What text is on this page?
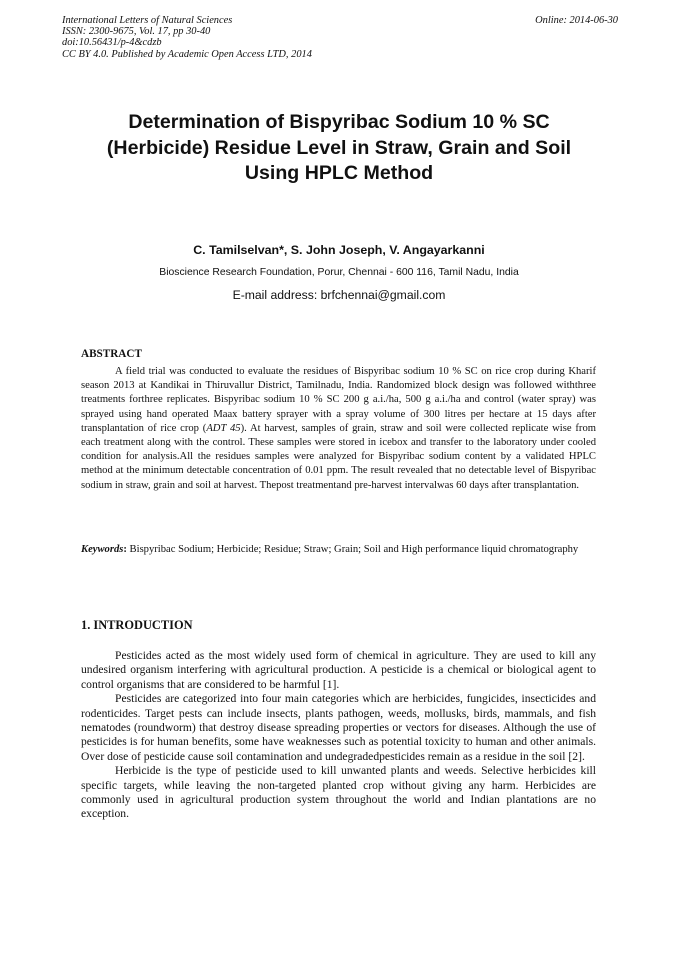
International Letters of Natural Sciences
ISSN: 2300-9675, Vol. 17, pp 30-40
doi:10.56431/p-4&cdzb
CC BY 4.0. Published by Academic Open Access LTD, 2014
Online: 2014-06-30
Determination of Bispyribac Sodium 10 % SC
(Herbicide) Residue Level in Straw, Grain and Soil
Using HPLC Method
C. Tamilselvan*, S. John Joseph, V. Angayarkanni
Bioscience Research Foundation, Porur, Chennai - 600 116, Tamil Nadu, India
E-mail address: brfchennai@gmail.com
ABSTRACT

A field trial was conducted to evaluate the residues of Bispyribac sodium 10 % SC on rice crop during Kharif season 2013 at Kandikai in Thiruvallur District, Tamilnadu, India. Randomized block design was followed withthree treatments forthree replicates. Bispyribac sodium 10 % SC 200 g a.i./ha, 500 g a.i./ha and control (water spray) was sprayed using hand operated Maax battery sprayer with a spray volume of 300 litres per hectare at 15 days after transplantation of rice crop (ADT 45). At harvest, samples of grain, straw and soil were collected replicate wise from each treatment along with the control. These samples were stored in icebox and transfer to the laboratory under cooled condition for analysis.All the residues samples were analyzed for Bispyribac sodium content by a validated HPLC method at the minimum detectable concentration of 0.01 ppm. The result revealed that no detectable level of Bispyribac sodium in straw, grain and soil at harvest. Thepost treatmentand pre-harvest intervalwas 60 days after transplantation.

Keywords: Bispyribac Sodium; Herbicide; Residue; Straw; Grain; Soil and High performance liquid chromatography

1. INTRODUCTION

Pesticides acted as the most widely used form of chemical in agriculture. They are used to kill any undesired organism interfering with agricultural production. A pesticide is a chemical or biological agent to control organisms that are considered to be harmful [1].

Pesticides are categorized into four main categories which are herbicides, fungicides, insecticides and rodenticides. Target pests can include insects, plants pathogen, weeds, mollusks, birds, mammals, and fish nematodes (roundworm) that destroy disease spreading properties or vectors for diseases. Although the use of pesticides is for human benefits, some have weaknesses such as potential toxicity to human and other animals. Over dose of pesticide cause soil contamination and undegradedpesticides remain as a residue in the soil [2].

Herbicide is the type of pesticide used to kill unwanted plants and weeds. Selective herbicides kill specific targets, while leaving the non-targeted planted crop without giving any harm. Herbicides are commonly used in agricultural production system throughout the world and Indian plantations are no exception.
